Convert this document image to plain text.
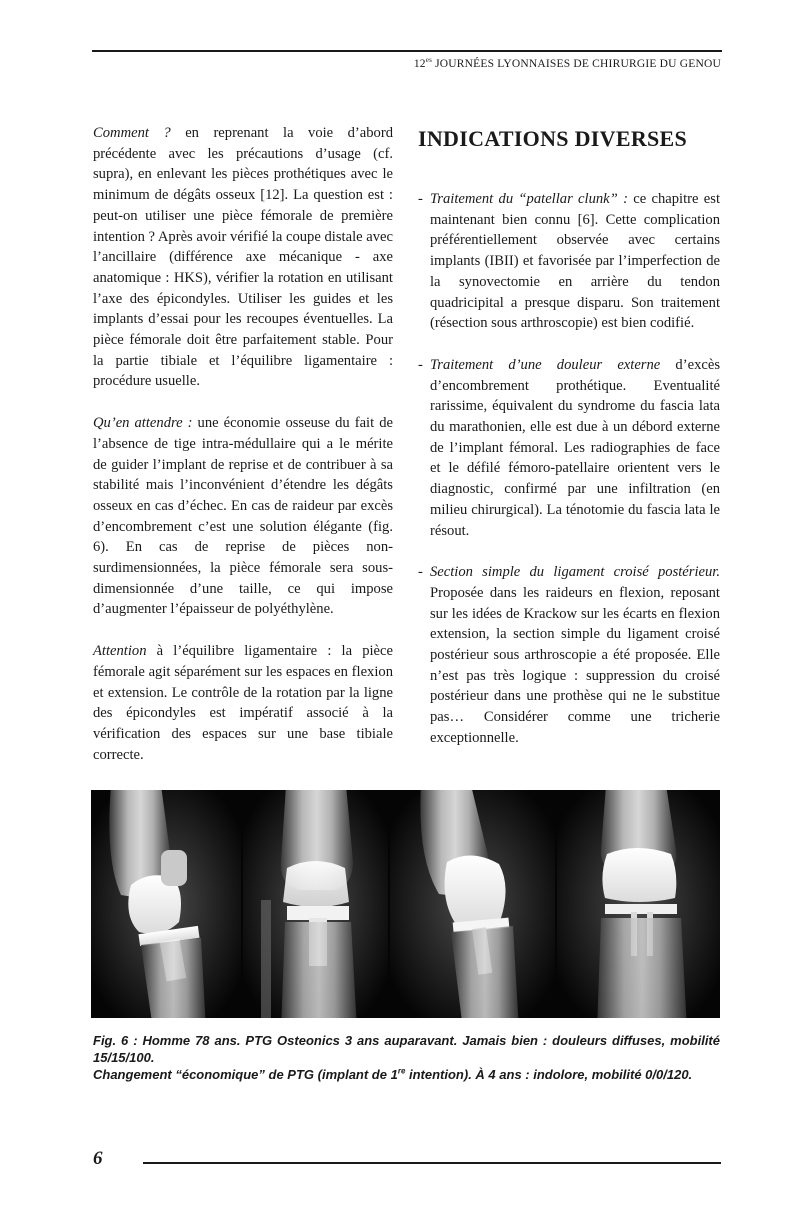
$12^{es}$ JOURNÉES LYONNAISES DE CHIRURGIE DU GENOU

Comment ? en reprenant la voie d’abord précédente avec les précautions d’usage (cf. supra), en enlevant les pièces prothétiques avec le minimum de dégâts osseux [12]. La question est : peut-on utiliser une pièce fémorale de première intention ? Après avoir vérifié la coupe distale avec l’ancillaire (différence axe mécanique - axe anatomique : HKS), vérifier la rotation en utilisant l’axe des épicondyles. Utiliser les guides et les implants d’essai pour les recoupes éventuelles. La pièce fémorale doit être parfaitement stable. Pour la partie tibiale et l’équilibre ligamentaire : procédure usuelle.

Qu’en attendre : une économie osseuse du fait de l’absence de tige intra-médullaire qui a le mérite de guider l’implant de reprise et de contribuer à sa stabilité mais l’inconvénient d’étendre les dégâts osseux en cas d’échec. En cas de raideur par excès d’encombrement c’est une solution élégante (fig. 6). En cas de reprise de pièces non-surdimensionnées, la pièce fémorale sera sous-dimensionnée d’une taille, ce qui impose d’augmenter l’épaisseur de polyéthylène.

Attention à l’équilibre ligamentaire : la pièce fémorale agit séparément sur les espaces en flexion et extension. Le contrôle de la rotation par la ligne des épicondyles est impératif associé à la vérification des espaces sur une base tibiale correcte.

INDICATIONS DIVERSES
- Traitement du “patellar clunk” : ce chapitre est maintenant bien connu [6]. Cette complication préférentiellement observée avec certains implants (IBII) et favorisée par l’imperfection de la synovectomie en arrière du tendon quadricipital a presque disparu. Son traitement (résection sous arthroscopie) est bien codifié.
- Traitement d’une douleur externe d’excès d’encombrement prothétique. Eventualité rarissime, équivalent du syndrome du fascia lata du marathonien, elle est due à un débord externe de l’implant fémoral. Les radiographies de face et le défilé fémoro-patellaire orientent vers le diagnostic, confirmé par une infiltration (en milieu chirurgical). La ténotomie du fascia lata le résout.
- Section simple du ligament croisé postérieur. Proposée dans les raideurs en flexion, reposant sur les idées de Krackow sur les écarts en flexion extension, la section simple du ligament croisé postérieur sous arthroscopie a été proposée. Elle n’est pas très logique : suppression du croisé postérieur dans une prothèse qui ne le substitue pas… Considérer comme une tricherie exceptionnelle.
Fig. 6 : Homme 78 ans. PTG Osteonics 3 ans auparavant. Jamais bien : douleurs diffuses, mobilité 15/15/100.
Changement “économique” de PTG (implant de 1re intention). À 4 ans : indolore, mobilité 0/0/120.
6
